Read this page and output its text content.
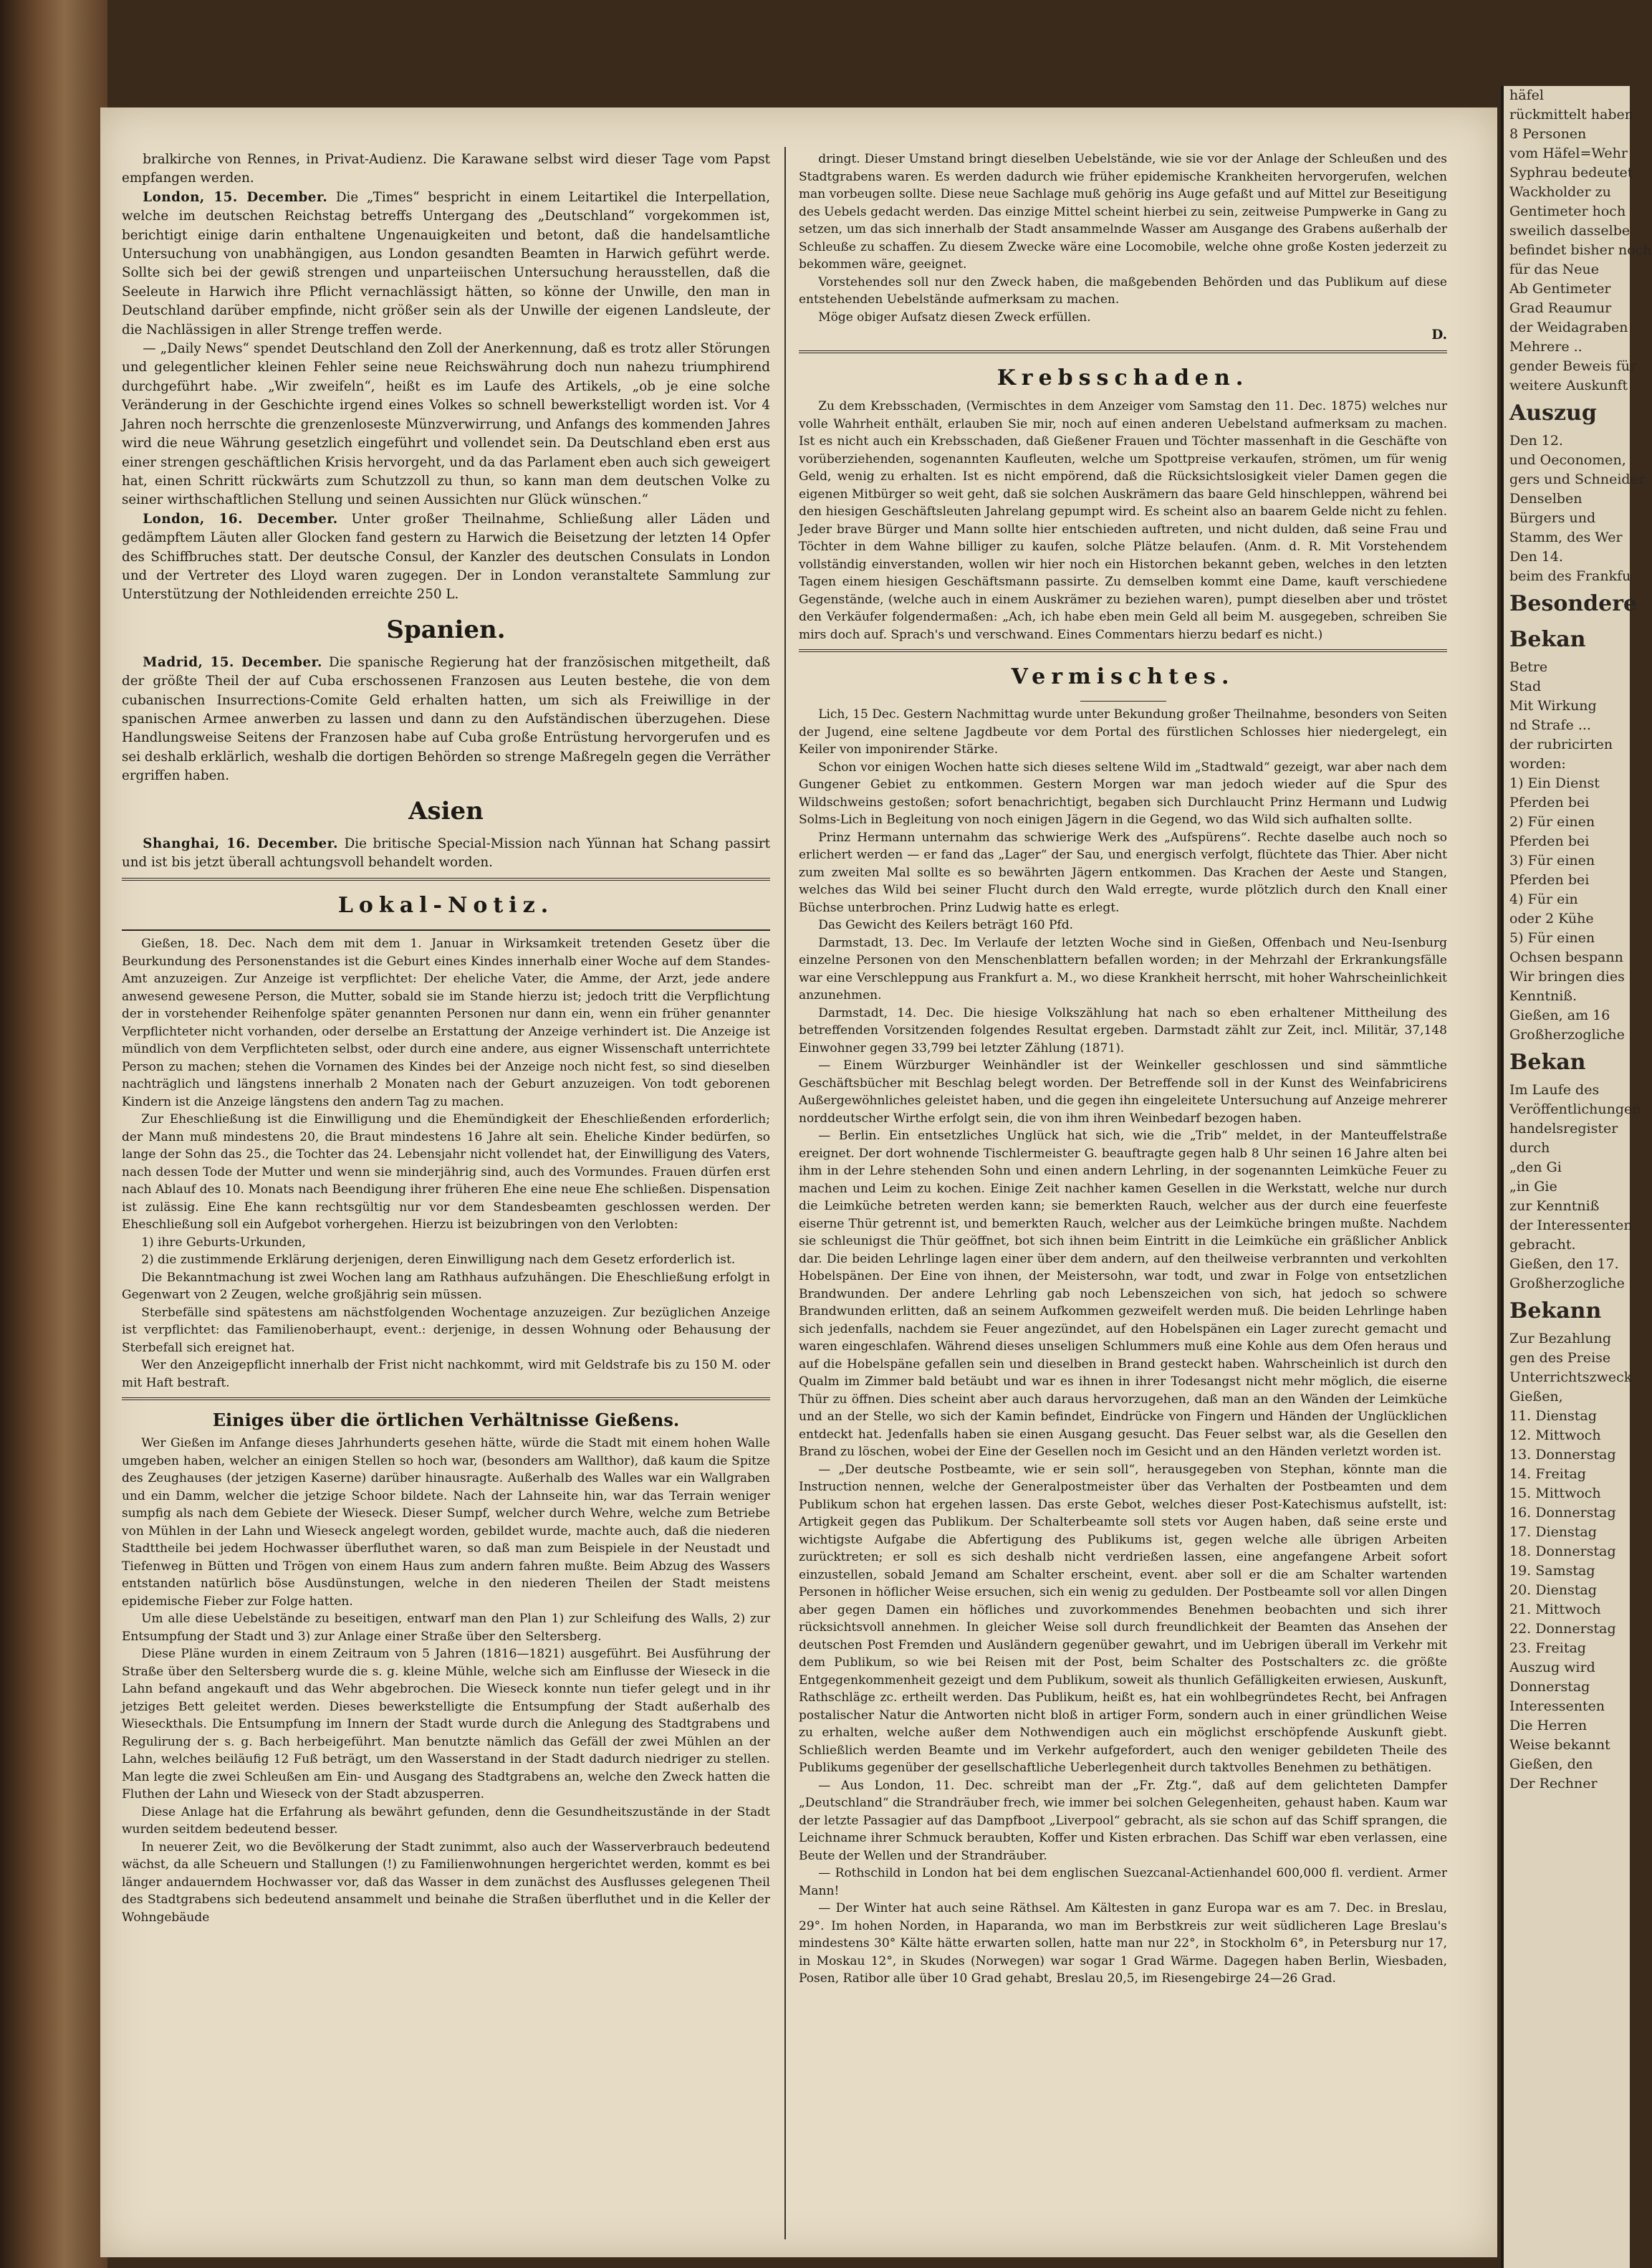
bralkirche von Rennes, in Privat-Audienz. Die Karawane selbst wird dieser Tage vom Papst empfangen werden.

London, 15. December. Die „Times“ bespricht in einem Leitartikel die Interpellation, welche im deutschen Reichstag betreffs Untergang des „Deutschland“ vorgekommen ist, berichtigt einige darin enthaltene Ungenauigkeiten und betont, daß die handelsamtliche Untersuchung von unabhängigen, aus London gesandten Beamten in Harwich geführt werde. Sollte sich bei der gewiß strengen und unparteiischen Untersuchung herausstellen, daß die Seeleute in Harwich ihre Pflicht vernachlässigt hätten, so könne der Unwille, den man in Deutschland darüber empfinde, nicht größer sein als der Unwille der eigenen Landsleute, der die Nachlässigen in aller Strenge treffen werde.

— „Daily News“ spendet Deutschland den Zoll der Anerkennung, daß es trotz aller Störungen und gelegentlicher kleinen Fehler seine neue Reichswährung doch nun nahezu triumphirend durchgeführt habe. „Wir zweifeln“, heißt es im Laufe des Artikels, „ob je eine solche Veränderung in der Geschichte irgend eines Volkes so schnell bewerkstelligt worden ist. Vor 4 Jahren noch herrschte die grenzenloseste Münzverwirrung, und Anfangs des kommenden Jahres wird die neue Währung gesetzlich eingeführt und vollendet sein. Da Deutschland eben erst aus einer strengen geschäftlichen Krisis hervorgeht, und da das Parlament eben auch sich geweigert hat, einen Schritt rückwärts zum Schutzzoll zu thun, so kann man dem deutschen Volke zu seiner wirthschaftlichen Stellung und seinen Aussichten nur Glück wünschen.“

London, 16. December. Unter großer Theilnahme, Schließung aller Läden und gedämpftem Läuten aller Glocken fand gestern zu Harwich die Beisetzung der letzten 14 Opfer des Schiffbruches statt. Der deutsche Consul, der Kanzler des deutschen Consulats in London und der Vertreter des Lloyd waren zugegen. Der in London veranstaltete Sammlung zur Unterstützung der Nothleidenden erreichte 250 L.

Spanien.

Madrid, 15. December. Die spanische Regierung hat der französischen mitgetheilt, daß der größte Theil der auf Cuba erschossenen Franzosen aus Leuten bestehe, die von dem cubanischen Insurrections-Comite Geld erhalten hatten, um sich als Freiwillige in der spanischen Armee anwerben zu lassen und dann zu den Aufständischen überzugehen. Diese Handlungsweise Seitens der Franzosen habe auf Cuba große Entrüstung hervorgerufen und es sei deshalb erklärlich, weshalb die dortigen Behörden so strenge Maßregeln gegen die Verräther ergriffen haben.

Asien

Shanghai, 16. December. Die britische Special-Mission nach Yünnan hat Schang passirt und ist bis jetzt überall achtungsvoll behandelt worden.

Lokal-Notiz.

Gießen, 18. Dec. Nach dem mit dem 1. Januar in Wirksamkeit tretenden Gesetz über die Beurkundung des Personenstandes ist die Geburt eines Kindes innerhalb einer Woche auf dem Standes-Amt anzuzeigen. Zur Anzeige ist verpflichtet: Der eheliche Vater, die Amme, der Arzt, jede andere anwesend gewesene Person, die Mutter, sobald sie im Stande hierzu ist; jedoch tritt die Verpflichtung der in vorstehender Reihenfolge später genannten Personen nur dann ein, wenn ein früher genannter Verpflichteter nicht vorhanden, oder derselbe an Erstattung der Anzeige verhindert ist. Die Anzeige ist mündlich von dem Verpflichteten selbst, oder durch eine andere, aus eigner Wissenschaft unterrichtete Person zu machen; stehen die Vornamen des Kindes bei der Anzeige noch nicht fest, so sind dieselben nachträglich und längstens innerhalb 2 Monaten nach der Geburt anzuzeigen. Von todt geborenen Kindern ist die Anzeige längstens den andern Tag zu machen.

Zur Eheschließung ist die Einwilligung und die Ehemündigkeit der Eheschließenden erforderlich; der Mann muß mindestens 20, die Braut mindestens 16 Jahre alt sein. Eheliche Kinder bedürfen, so lange der Sohn das 25., die Tochter das 24. Lebensjahr nicht vollendet hat, der Einwilligung des Vaters, nach dessen Tode der Mutter und wenn sie minderjährig sind, auch des Vormundes. Frauen dürfen erst nach Ablauf des 10. Monats nach Beendigung ihrer früheren Ehe eine neue Ehe schließen. Dispensation ist zulässig. Eine Ehe kann rechtsgültig nur vor dem Standesbeamten geschlossen werden. Der Eheschließung soll ein Aufgebot vorhergehen. Hierzu ist beizubringen von den Verlobten:

1) ihre Geburts-Urkunden,

2) die zustimmende Erklärung derjenigen, deren Einwilligung nach dem Gesetz erforderlich ist.

Die Bekanntmachung ist zwei Wochen lang am Rathhaus aufzuhängen. Die Eheschließung erfolgt in Gegenwart von 2 Zeugen, welche großjährig sein müssen.

Sterbefälle sind spätestens am nächstfolgenden Wochentage anzuzeigen. Zur bezüglichen Anzeige ist verpflichtet: das Familienoberhaupt, event.: derjenige, in dessen Wohnung oder Behausung der Sterbefall sich ereignet hat.

Wer den Anzeigepflicht innerhalb der Frist nicht nachkommt, wird mit Geldstrafe bis zu 150 M. oder mit Haft bestraft.

Einiges über die örtlichen Verhältnisse Gießens.

Wer Gießen im Anfange dieses Jahrhunderts gesehen hätte, würde die Stadt mit einem hohen Walle umgeben haben, welcher an einigen Stellen so hoch war, (besonders am Wallthor), daß kaum die Spitze des Zeughauses (der jetzigen Kaserne) darüber hinausragte. Außerhalb des Walles war ein Wallgraben und ein Damm, welcher die jetzige Schoor bildete. Nach der Lahnseite hin, war das Terrain weniger sumpfig als nach dem Gebiete der Wieseck. Dieser Sumpf, welcher durch Wehre, welche zum Betriebe von Mühlen in der Lahn und Wieseck angelegt worden, gebildet wurde, machte auch, daß die niederen Stadttheile bei jedem Hochwasser überfluthet waren, so daß man zum Beispiele in der Neustadt und Tiefenweg in Bütten und Trögen von einem Haus zum andern fahren mußte. Beim Abzug des Wassers entstanden natürlich böse Ausdünstungen, welche in den niederen Theilen der Stadt meistens epidemische Fieber zur Folge hatten.

Um alle diese Uebelstände zu beseitigen, entwarf man den Plan 1) zur Schleifung des Walls, 2) zur Entsumpfung der Stadt und 3) zur Anlage einer Straße über den Seltersberg.

Diese Pläne wurden in einem Zeitraum von 5 Jahren (1816—1821) ausgeführt. Bei Ausführung der Straße über den Seltersberg wurde die s. g. kleine Mühle, welche sich am Einflusse der Wieseck in die Lahn befand angekauft und das Wehr abgebrochen. Die Wieseck konnte nun tiefer gelegt und in ihr jetziges Bett geleitet werden. Dieses bewerkstelligte die Entsumpfung der Stadt außerhalb des Wieseckthals. Die Entsumpfung im Innern der Stadt wurde durch die Anlegung des Stadtgrabens und Regulirung der s. g. Bach herbeigeführt. Man benutzte nämlich das Gefäll der zwei Mühlen an der Lahn, welches beiläufig 12 Fuß beträgt, um den Wasserstand in der Stadt dadurch niedriger zu stellen. Man legte die zwei Schleußen am Ein- und Ausgang des Stadtgrabens an, welche den Zweck hatten die Fluthen der Lahn und Wieseck von der Stadt abzusperren.

Diese Anlage hat die Erfahrung als bewährt gefunden, denn die Gesundheitszustände in der Stadt wurden seitdem bedeutend besser.

In neuerer Zeit, wo die Bevölkerung der Stadt zunimmt, also auch der Wasserverbrauch bedeutend wächst, da alle Scheuern und Stallungen (!) zu Familienwohnungen hergerichtet werden, kommt es bei länger andauerndem Hochwasser vor, daß das Wasser in dem zunächst des Ausflusses gelegenen Theil des Stadtgrabens sich bedeutend ansammelt und beinahe die Straßen überfluthet und in die Keller der Wohngebäude

dringt. Dieser Umstand bringt dieselben Uebelstände, wie sie vor der Anlage der Schleußen und des Stadtgrabens waren. Es werden dadurch wie früher epidemische Krankheiten hervorgerufen, welchen man vorbeugen sollte. Diese neue Sachlage muß gehörig ins Auge gefaßt und auf Mittel zur Beseitigung des Uebels gedacht werden. Das einzige Mittel scheint hierbei zu sein, zeitweise Pumpwerke in Gang zu setzen, um das sich innerhalb der Stadt ansammelnde Wasser am Ausgange des Grabens außerhalb der Schleuße zu schaffen. Zu diesem Zwecke wäre eine Locomobile, welche ohne große Kosten jederzeit zu bekommen wäre, geeignet.

Vorstehendes soll nur den Zweck haben, die maßgebenden Behörden und das Publikum auf diese entstehenden Uebelstände aufmerksam zu machen.

Möge obiger Aufsatz diesen Zweck erfüllen.

D.

Krebsschaden.

Zu dem Krebsschaden, (Vermischtes in dem Anzeiger vom Samstag den 11. Dec. 1875) welches nur volle Wahrheit enthält, erlauben Sie mir, noch auf einen anderen Uebelstand aufmerksam zu machen. Ist es nicht auch ein Krebsschaden, daß Gießener Frauen und Töchter massenhaft in die Geschäfte von vorüberziehenden, sogenannten Kaufleuten, welche um Spottpreise verkaufen, strömen, um für wenig Geld, wenig zu erhalten. Ist es nicht empörend, daß die Rücksichtslosigkeit vieler Damen gegen die eigenen Mitbürger so weit geht, daß sie solchen Auskrämern das baare Geld hinschleppen, während bei den hiesigen Geschäftsleuten Jahrelang gepumpt wird. Es scheint also an baarem Gelde nicht zu fehlen. Jeder brave Bürger und Mann sollte hier entschieden auftreten, und nicht dulden, daß seine Frau und Töchter in dem Wahne billiger zu kaufen, solche Plätze belaufen. (Anm. d. R. Mit Vorstehendem vollständig einverstanden, wollen wir hier noch ein Historchen bekannt geben, welches in den letzten Tagen einem hiesigen Geschäftsmann passirte. Zu demselben kommt eine Dame, kauft verschiedene Gegenstände, (welche auch in einem Auskrämer zu beziehen waren), pumpt dieselben aber und tröstet den Verkäufer folgendermaßen: „Ach, ich habe eben mein Geld all beim M. ausgegeben, schreiben Sie mirs doch auf. Sprach's und verschwand. Eines Commentars hierzu bedarf es nicht.)

Vermischtes.

Lich, 15 Dec. Gestern Nachmittag wurde unter Bekundung großer Theilnahme, besonders von Seiten der Jugend, eine seltene Jagdbeute vor dem Portal des fürstlichen Schlosses hier niedergelegt, ein Keiler von imponirender Stärke.

Schon vor einigen Wochen hatte sich dieses seltene Wild im „Stadtwald“ gezeigt, war aber nach dem Gungener Gebiet zu entkommen. Gestern Morgen war man jedoch wieder auf die Spur des Wildschweins gestoßen; sofort benachrichtigt, begaben sich Durchlaucht Prinz Hermann und Ludwig Solms-Lich in Begleitung von noch einigen Jägern in die Gegend, wo das Wild sich aufhalten sollte.

Prinz Hermann unternahm das schwierige Werk des „Aufspürens“. Rechte daselbe auch noch so erlichert werden — er fand das „Lager“ der Sau, und energisch verfolgt, flüchtete das Thier. Aber nicht zum zweiten Mal sollte es so bewährten Jägern entkommen. Das Krachen der Aeste und Stangen, welches das Wild bei seiner Flucht durch den Wald erregte, wurde plötzlich durch den Knall einer Büchse unterbrochen. Prinz Ludwig hatte es erlegt.

Das Gewicht des Keilers beträgt 160 Pfd.

Darmstadt, 13. Dec. Im Verlaufe der letzten Woche sind in Gießen, Offenbach und Neu-Isenburg einzelne Personen von den Menschenblattern befallen worden; in der Mehrzahl der Erkrankungsfälle war eine Verschleppung aus Frankfurt a. M., wo diese Krankheit herrscht, mit hoher Wahrscheinlichkeit anzunehmen.

Darmstadt, 14. Dec. Die hiesige Volkszählung hat nach so eben erhaltener Mittheilung des betreffenden Vorsitzenden folgendes Resultat ergeben. Darmstadt zählt zur Zeit, incl. Militär, 37,148 Einwohner gegen 33,799 bei letzter Zählung (1871).

— Einem Würzburger Weinhändler ist der Weinkeller geschlossen und sind sämmtliche Geschäftsbücher mit Beschlag belegt worden. Der Betreffende soll in der Kunst des Weinfabricirens Außergewöhnliches geleistet haben, und die gegen ihn eingeleitete Untersuchung auf Anzeige mehrerer norddeutscher Wirthe erfolgt sein, die von ihm ihren Weinbedarf bezogen haben.

— Berlin. Ein entsetzliches Unglück hat sich, wie die „Trib“ meldet, in der Manteuffelstraße ereignet. Der dort wohnende Tischlermeister G. beauftragte gegen halb 8 Uhr seinen 16 Jahre alten bei ihm in der Lehre stehenden Sohn und einen andern Lehrling, in der sogenannten Leimküche Feuer zu machen und Leim zu kochen. Einige Zeit nachher kamen Gesellen in die Werkstatt, welche nur durch die Leimküche betreten werden kann; sie bemerkten Rauch, welcher aus der durch eine feuerfeste eiserne Thür getrennt ist, und bemerkten Rauch, welcher aus der Leimküche bringen mußte. Nachdem sie schleunigst die Thür geöffnet, bot sich ihnen beim Eintritt in die Leimküche ein gräßlicher Anblick dar. Die beiden Lehrlinge lagen einer über dem andern, auf den theilweise verbrannten und verkohlten Hobelspänen. Der Eine von ihnen, der Meistersohn, war todt, und zwar in Folge von entsetzlichen Brandwunden. Der andere Lehrling gab noch Lebenszeichen von sich, hat jedoch so schwere Brandwunden erlitten, daß an seinem Aufkommen gezweifelt werden muß. Die beiden Lehrlinge haben sich jedenfalls, nachdem sie Feuer angezündet, auf den Hobelspänen ein Lager zurecht gemacht und waren eingeschlafen. Während dieses unseligen Schlummers muß eine Kohle aus dem Ofen heraus und auf die Hobelspäne gefallen sein und dieselben in Brand gesteckt haben. Wahrscheinlich ist durch den Qualm im Zimmer bald betäubt und war es ihnen in ihrer Todesangst nicht mehr möglich, die eiserne Thür zu öffnen. Dies scheint aber auch daraus hervorzugehen, daß man an den Wänden der Leimküche und an der Stelle, wo sich der Kamin befindet, Eindrücke von Fingern und Händen der Unglücklichen entdeckt hat. Jedenfalls haben sie einen Ausgang gesucht. Das Feuer selbst war, als die Gesellen den Brand zu löschen, wobei der Eine der Gesellen noch im Gesicht und an den Händen verletzt worden ist.

— „Der deutsche Postbeamte, wie er sein soll“, herausgegeben von Stephan, könnte man die Instruction nennen, welche der Generalpostmeister über das Verhalten der Postbeamten und dem Publikum schon hat ergehen lassen. Das erste Gebot, welches dieser Post-Katechismus aufstellt, ist: Artigkeit gegen das Publikum. Der Schalterbeamte soll stets vor Augen haben, daß seine erste und wichtigste Aufgabe die Abfertigung des Publikums ist, gegen welche alle übrigen Arbeiten zurücktreten; er soll es sich deshalb nicht verdrießen lassen, eine angefangene Arbeit sofort einzustellen, sobald Jemand am Schalter erscheint, event. aber soll er die am Schalter wartenden Personen in höflicher Weise ersuchen, sich ein wenig zu gedulden. Der Postbeamte soll vor allen Dingen aber gegen Damen ein höfliches und zuvorkommendes Benehmen beobachten und sich ihrer rücksichtsvoll annehmen. In gleicher Weise soll durch freundlichkeit der Beamten das Ansehen der deutschen Post Fremden und Ausländern gegenüber gewahrt, und im Uebrigen überall im Verkehr mit dem Publikum, so wie bei Reisen mit der Post, beim Schalter des Postschalters zc. die größte Entgegenkommenheit gezeigt und dem Publikum, soweit als thunlich Gefälligkeiten erwiesen, Auskunft, Rathschläge zc. ertheilt werden. Das Publikum, heißt es, hat ein wohlbegründetes Recht, bei Anfragen postalischer Natur die Antworten nicht bloß in artiger Form, sondern auch in einer gründlichen Weise zu erhalten, welche außer dem Nothwendigen auch ein möglichst erschöpfende Auskunft giebt. Schließlich werden Beamte und im Verkehr aufgefordert, auch den weniger gebildeten Theile des Publikums gegenüber der gesellschaftliche Ueberlegenheit durch taktvolles Benehmen zu bethätigen.

— Aus London, 11. Dec. schreibt man der „Fr. Ztg.“, daß auf dem gelichteten Dampfer „Deutschland“ die Strandräuber frech, wie immer bei solchen Gelegenheiten, gehaust haben. Kaum war der letzte Passagier auf das Dampfboot „Liverpool“ gebracht, als sie schon auf das Schiff sprangen, die Leichname ihrer Schmuck beraubten, Koffer und Kisten erbrachen. Das Schiff war eben verlassen, eine Beute der Wellen und der Strandräuber.

— Rothschild in London hat bei dem englischen Suezcanal-Actienhandel 600,000 fl. verdient. Armer Mann!

— Der Winter hat auch seine Räthsel. Am Kältesten in ganz Europa war es am 7. Dec. in Breslau, 29°. Im hohen Norden, in Haparanda, wo man im Berbstkreis zur weit südlicheren Lage Breslau's mindestens 30° Kälte hätte erwarten sollen, hatte man nur 22°, in Stockholm 6°, in Petersburg nur 17, in Moskau 12°, in Skudes (Norwegen) war sogar 1 Grad Wärme. Dagegen haben Berlin, Wiesbaden, Posen, Ratibor alle über 10 Grad gehabt, Breslau 20,5, im Riesengebirge 24—26 Grad.

häfel
rückmittelt haben
8 Personen
vom Häfel=Wehr
Syphrau bedeutet
Wackholder zu
Gentimeter hoch
sweilich dasselbe
befindet bisher noch
für das Neue
Ab Gentimeter
Grad Reaumur
der Weidagraben
Mehrere ..
gender Beweis für
weitere Auskunft
Auszug
Den 12.
und Oeconomen,
gers und Schneider
Denselben
Bürgers und
Stamm, des Wer
Den 14.
beim des Frankfu
Besondere
Bekan
Betre
Stad
Mit Wirkung
nd Strafe ...
der rubricirten
worden:
1) Ein Dienst
Pferden bei
2) Für einen
Pferden bei
3) Für einen
Pferden bei
4) Für ein
oder 2 Kühe
5) Für einen
Ochsen bespann
Wir bringen dies
Kenntniß.
Gießen, am 16
Großherzogliche
Bekan
Im Laufe des
Veröffentlichungen
handelsregister
durch
„den Gi
„in Gie
zur Kenntniß
der Interessenten
gebracht.
Gießen, den 17.
Großherzogliche
Bekann
Zur Bezahlung
gen des Preise
Unterrichtszweck
Gießen,
11. Dienstag
12. Mittwoch
13. Donnerstag
14. Freitag
15. Mittwoch
16. Donnerstag
17. Dienstag
18. Donnerstag
19. Samstag
20. Dienstag
21. Mittwoch
22. Donnerstag
23. Freitag
Auszug wird
Donnerstag
Interessenten
Die Herren
Weise bekannt
Gießen, den
Der Rechner
